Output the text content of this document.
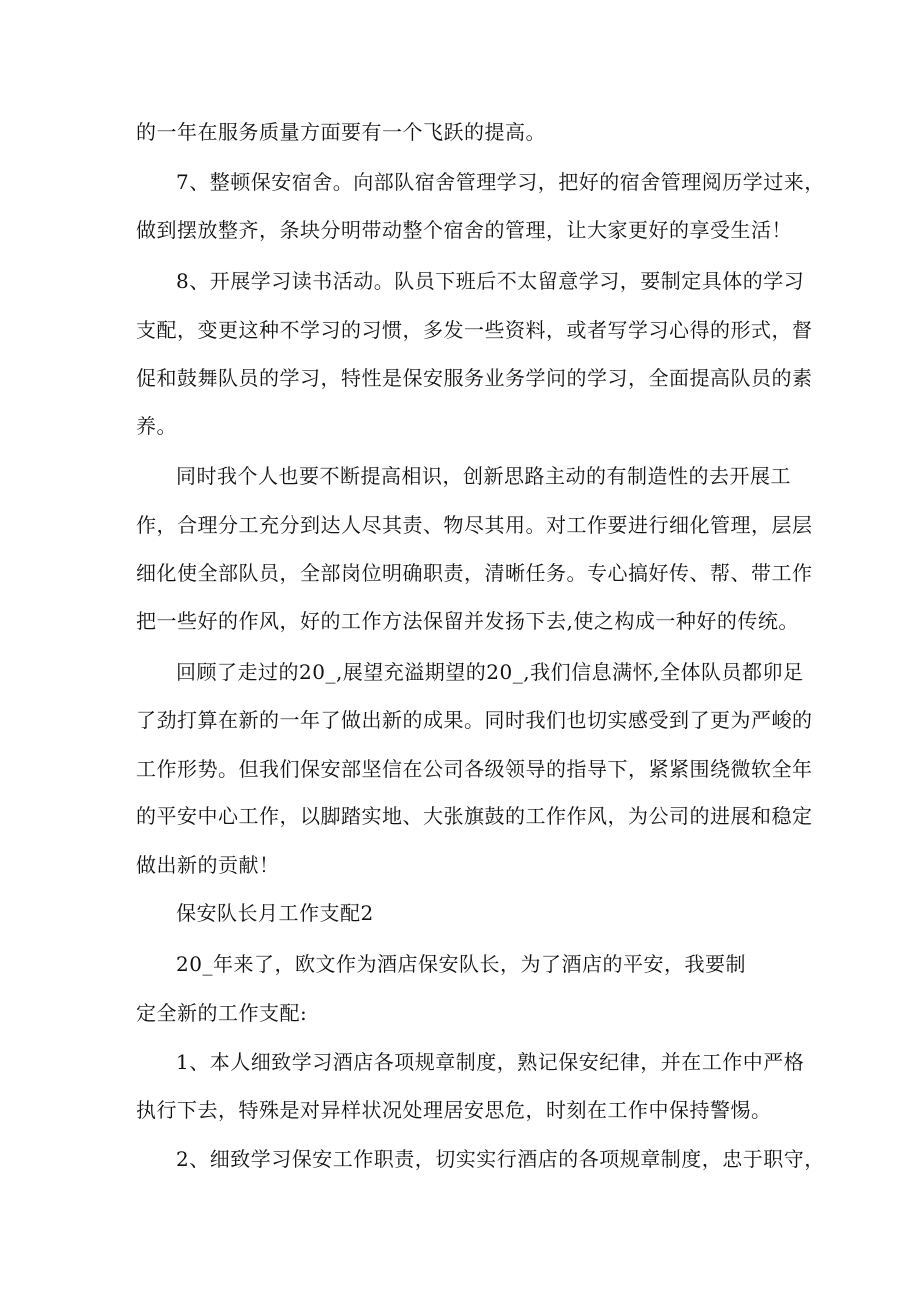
的一年在服务质量方面要有一个飞跃的提高。
7、整顿保安宿舍。向部队宿舍管理学习，把好的宿舍管理阅历学过来，
做到摆放整齐，条块分明带动整个宿舍的管理，让大家更好的享受生活！
8、开展学习读书活动。队员下班后不太留意学习，要制定具体的学习
支配，变更这种不学习的习惯，多发一些资料，或者写学习心得的形式，督
促和鼓舞队员的学习，特性是保安服务业务学问的学习，全面提高队员的素
养。
同时我个人也要不断提高相识，创新思路主动的有制造性的去开展工
作，合理分工充分到达人尽其责、物尽其用。对工作要进行细化管理，层层
细化使全部队员，全部岗位明确职责，清晰任务。专心搞好传、帮、带工作
把一些好的作风，好的工作方法保留并发扬下去,使之构成一种好的传统。
回顾了走过的20_,展望充溢期望的20_,我们信息满怀,全体队员都卯足
了劲打算在新的一年了做出新的成果。同时我们也切实感受到了更为严峻的
工作形势。但我们保安部坚信在公司各级领导的指导下，紧紧围绕微软全年
的平安中心工作，以脚踏实地、大张旗鼓的工作作风，为公司的进展和稳定
做出新的贡献！
保安队长月工作支配2
20_年来了，欧文作为酒店保安队长，为了酒店的平安，我要制
定全新的工作支配:
1、本人细致学习酒店各项规章制度，熟记保安纪律，并在工作中严格
执行下去，特殊是对异样状况处理居安思危，时刻在工作中保持警惕。
2、细致学习保安工作职责，切实实行酒店的各项规章制度，忠于职守，
